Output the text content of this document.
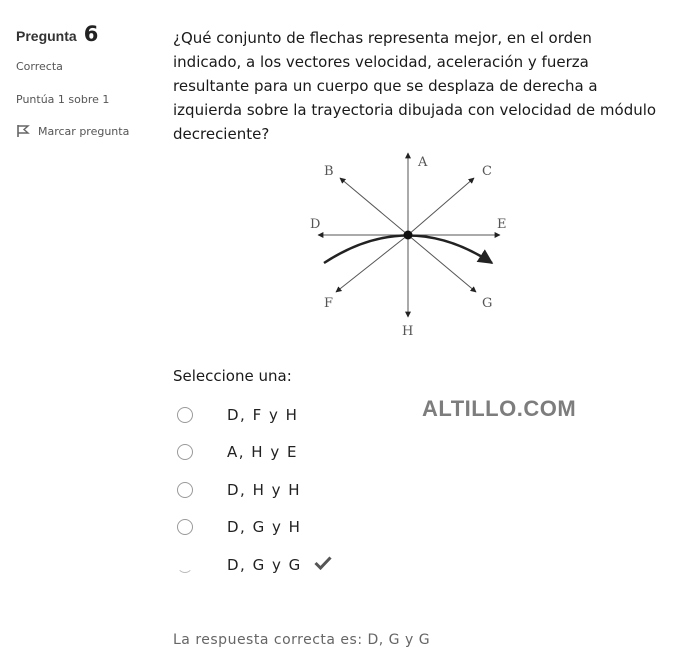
Pregunta 6
Correcta
Puntúa 1 sobre 1
Marcar pregunta
¿Qué conjunto de flechas representa mejor, en el orden indicado, a los vectores velocidad, aceleración y fuerza resultante para un cuerpo que se desplaza de derecha a izquierda sobre la trayectoria dibujada con velocidad de módulo decreciente?
A
B	C
D	E
F	G
H
Seleccione una:
D, F y H
A, H y E
D, H y H
D, G y H
D, G y G
ALTILLO.COM
La respuesta correcta es: D, G y G
